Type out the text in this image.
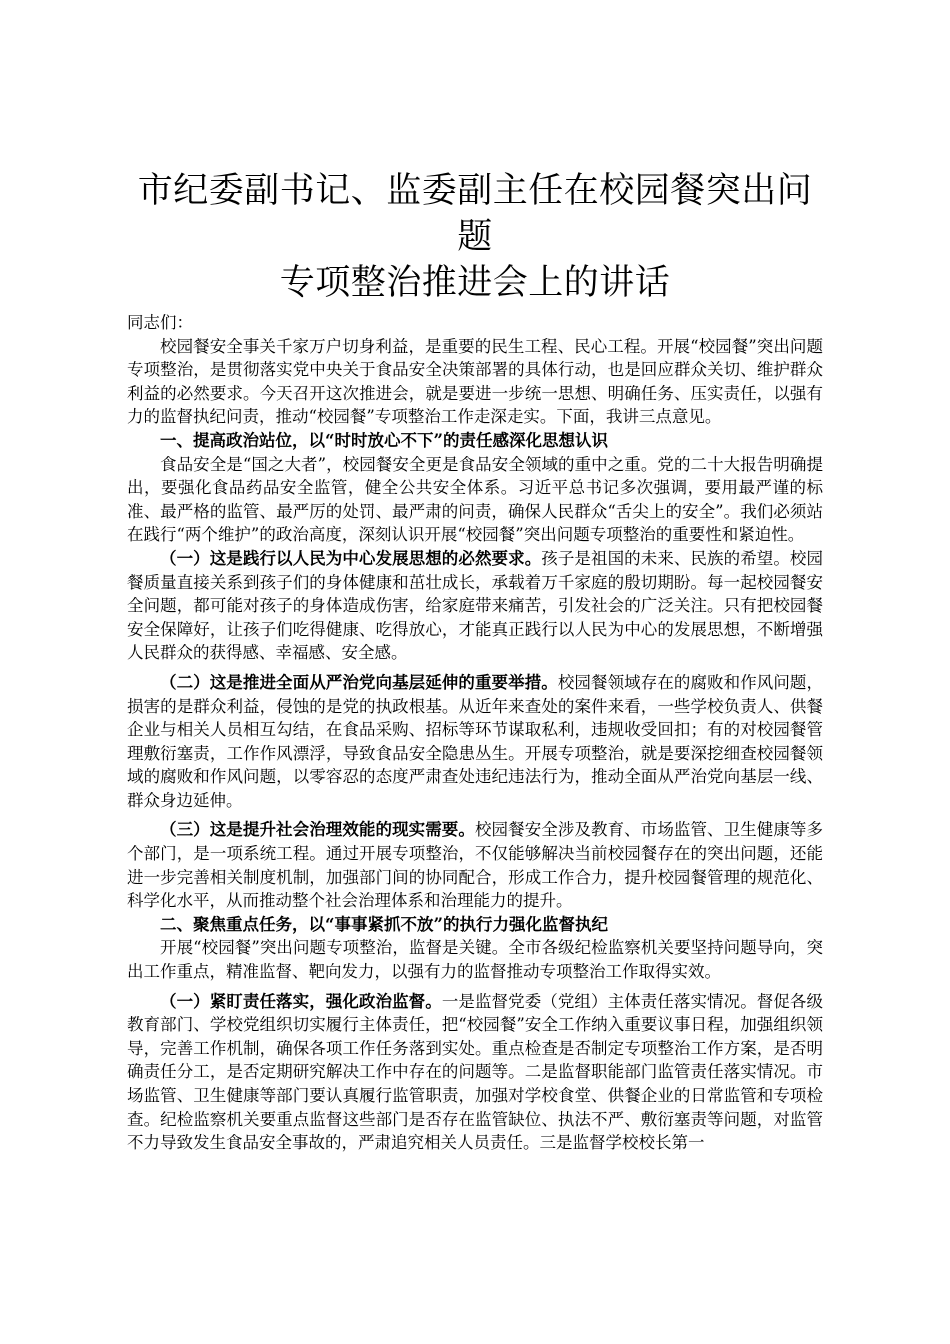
市纪委副书记、监委副主任在校园餐突出问题
专项整治推进会上的讲话

同志们：

校园餐安全事关千家万户切身利益，是重要的民生工程、民心工程。开展“校园餐”突出问题专项整治，是贯彻落实党中央关于食品安全决策部署的具体行动，也是回应群众关切、维护群众利益的必然要求。今天召开这次推进会，就是要进一步统一思想、明确任务、压实责任，以强有力的监督执纪问责，推动“校园餐”专项整治工作走深走实。下面，我讲三点意见。

一、提高政治站位，以“时时放心不下”的责任感深化思想认识

食品安全是“国之大者”，校园餐安全更是食品安全领域的重中之重。党的二十大报告明确提出，要强化食品药品安全监管，健全公共安全体系。习近平总书记多次强调，要用最严谨的标准、最严格的监管、最严厉的处罚、最严肃的问责，确保人民群众“舌尖上的安全”。我们必须站在践行“两个维护”的政治高度，深刻认识开展“校园餐”突出问题专项整治的重要性和紧迫性。

（一）这是践行以人民为中心发展思想的必然要求。孩子是祖国的未来、民族的希望。校园餐质量直接关系到孩子们的身体健康和茁壮成长，承载着万千家庭的殷切期盼。每一起校园餐安全问题，都可能对孩子的身体造成伤害，给家庭带来痛苦，引发社会的广泛关注。只有把校园餐安全保障好，让孩子们吃得健康、吃得放心，才能真正践行以人民为中心的发展思想，不断增强人民群众的获得感、幸福感、安全感。

（二）这是推进全面从严治党向基层延伸的重要举措。校园餐领域存在的腐败和作风问题，损害的是群众利益，侵蚀的是党的执政根基。从近年来查处的案件来看，一些学校负责人、供餐企业与相关人员相互勾结，在食品采购、招标等环节谋取私利，违规收受回扣；有的对校园餐管理敷衍塞责，工作作风漂浮，导致食品安全隐患丛生。开展专项整治，就是要深挖细查校园餐领域的腐败和作风问题，以零容忍的态度严肃查处违纪违法行为，推动全面从严治党向基层一线、群众身边延伸。

（三）这是提升社会治理效能的现实需要。校园餐安全涉及教育、市场监管、卫生健康等多个部门，是一项系统工程。通过开展专项整治，不仅能够解决当前校园餐存在的突出问题，还能进一步完善相关制度机制，加强部门间的协同配合，形成工作合力，提升校园餐管理的规范化、科学化水平，从而推动整个社会治理体系和治理能力的提升。

二、聚焦重点任务，以“事事紧抓不放”的执行力强化监督执纪

开展“校园餐”突出问题专项整治，监督是关键。全市各级纪检监察机关要坚持问题导向，突出工作重点，精准监督、靶向发力，以强有力的监督推动专项整治工作取得实效。

（一）紧盯责任落实，强化政治监督。一是监督党委（党组）主体责任落实情况。督促各级教育部门、学校党组织切实履行主体责任，把“校园餐”安全工作纳入重要议事日程，加强组织领导，完善工作机制，确保各项工作任务落到实处。重点检查是否制定专项整治工作方案，是否明确责任分工，是否定期研究解决工作中存在的问题等。二是监督职能部门监管责任落实情况。市场监管、卫生健康等部门要认真履行监管职责，加强对学校食堂、供餐企业的日常监管和专项检查。纪检监察机关要重点监督这些部门是否存在监管缺位、执法不严、敷衍塞责等问题，对监管不力导致发生食品安全事故的，严肃追究相关人员责任。三是监督学校校长第一
